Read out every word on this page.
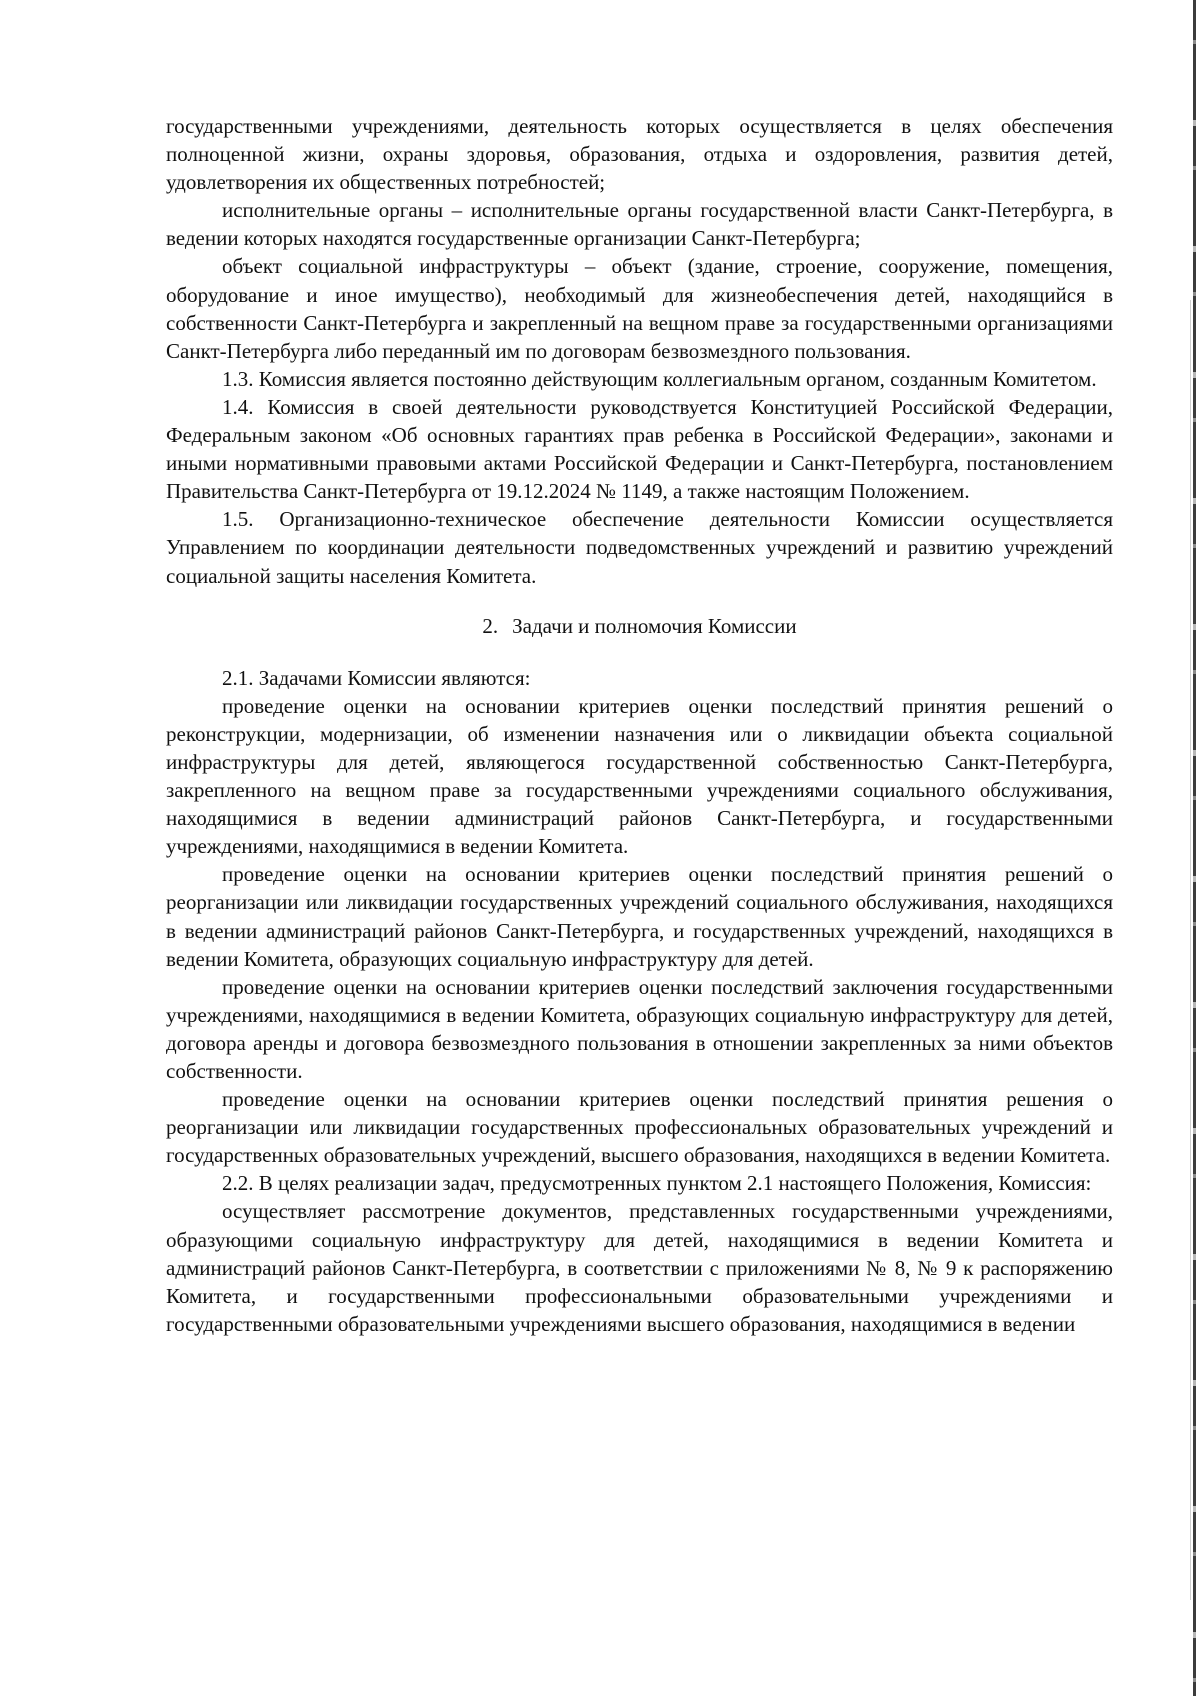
государственными учреждениями, деятельность которых осуществляется в целях обеспечения полноценной жизни, охраны здоровья, образования, отдыха и оздоровления, развития детей, удовлетворения их общественных потребностей;

исполнительные органы – исполнительные органы государственной власти Санкт-Петербурга, в ведении которых находятся государственные организации Санкт-Петербурга;

объект социальной инфраструктуры – объект (здание, строение, сооружение, помещения, оборудование и иное имущество), необходимый для жизнеобеспечения детей, находящийся в собственности Санкт-Петербурга и закрепленный на вещном праве за государственными организациями Санкт-Петербурга либо переданный им по договорам безвозмездного пользования.

1.3. Комиссия является постоянно действующим коллегиальным органом, созданным Комитетом.

1.4. Комиссия в своей деятельности руководствуется Конституцией Российской Федерации, Федеральным законом «Об основных гарантиях прав ребенка в Российской Федерации», законами и иными нормативными правовыми актами Российской Федерации и Санкт-Петербурга, постановлением Правительства Санкт-Петербурга от 19.12.2024 № 1149, а также настоящим Положением.

1.5. Организационно-техническое обеспечение деятельности Комиссии осуществляется Управлением по координации деятельности подведомственных учреждений и развитию учреждений социальной защиты населения Комитета.

2. Задачи и полномочия Комиссии

2.1. Задачами Комиссии являются:

проведение оценки на основании критериев оценки последствий принятия решений о реконструкции, модернизации, об изменении назначения или о ликвидации объекта социальной инфраструктуры для детей, являющегося государственной собственностью Санкт-Петербурга, закрепленного на вещном праве за государственными учреждениями социального обслуживания, находящимися в ведении администраций районов Санкт-Петербурга, и государственными учреждениями, находящимися в ведении Комитета.

проведение оценки на основании критериев оценки последствий принятия решений о реорганизации или ликвидации государственных учреждений социального обслуживания, находящихся в ведении администраций районов Санкт-Петербурга, и государственных учреждений, находящихся в ведении Комитета, образующих социальную инфраструктуру для детей.

проведение оценки на основании критериев оценки последствий заключения государственными учреждениями, находящимися в ведении Комитета, образующих социальную инфраструктуру для детей, договора аренды и договора безвозмездного пользования в отношении закрепленных за ними объектов собственности.

проведение оценки на основании критериев оценки последствий принятия решения о реорганизации или ликвидации государственных профессиональных образовательных учреждений и государственных образовательных учреждений, высшего образования, находящихся в ведении Комитета.

2.2. В целях реализации задач, предусмотренных пунктом 2.1 настоящего Положения, Комиссия:

осуществляет рассмотрение документов, представленных государственными учреждениями, образующими социальную инфраструктуру для детей, находящимися в ведении Комитета и администраций районов Санкт-Петербурга, в соответствии с приложениями № 8, № 9 к распоряжению Комитета, и государственными профессиональными образовательными учреждениями и государственными образовательными учреждениями высшего образования, находящимися в ведении
